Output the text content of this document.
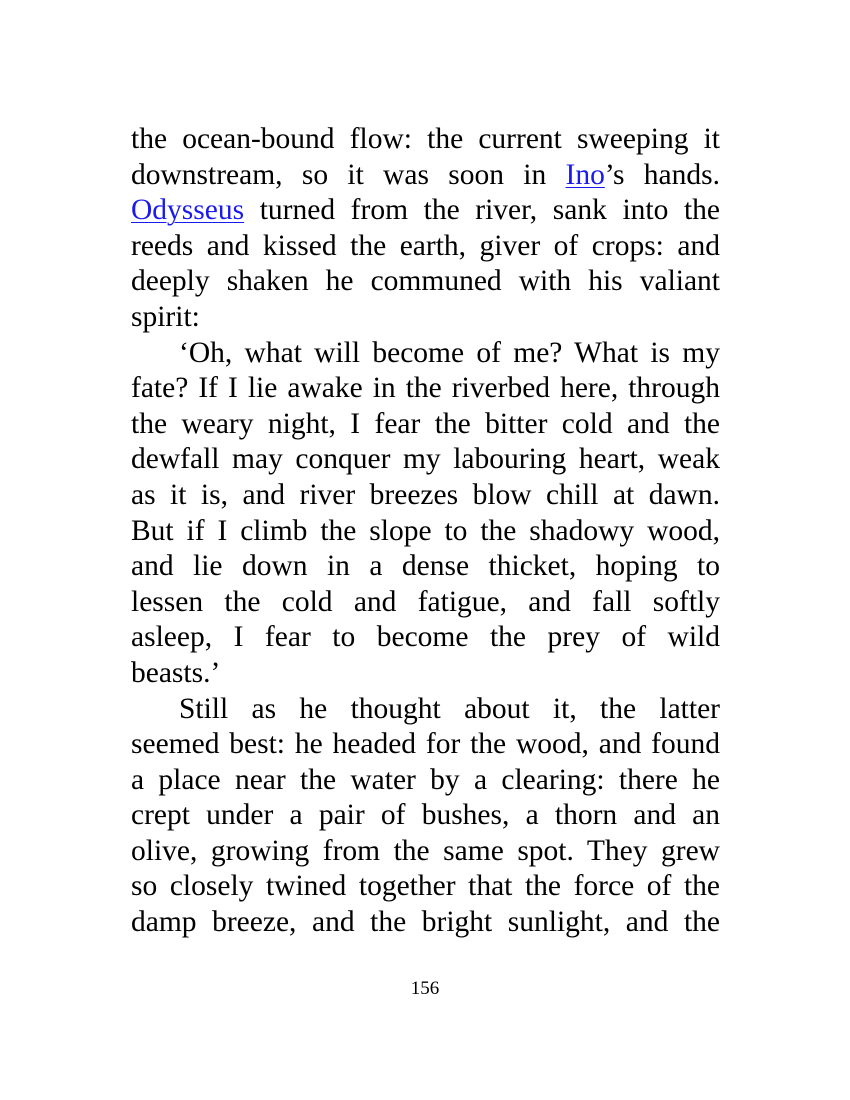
the ocean-bound flow: the current sweeping it
downstream, so it was soon in Ino’s hands.
Odysseus turned from the river, sank into the
reeds and kissed the earth, giver of crops: and
deeply shaken he communed with his valiant
spirit:
‘Oh, what will become of me? What is my
fate? If I lie awake in the riverbed here, through
the weary night, I fear the bitter cold and the
dewfall may conquer my labouring heart, weak
as it is, and river breezes blow chill at dawn.
But if I climb the slope to the shadowy wood,
and lie down in a dense thicket, hoping to
lessen the cold and fatigue, and fall softly
asleep, I fear to become the prey of wild
beasts.’
Still as he thought about it, the latter
seemed best: he headed for the wood, and found
a place near the water by a clearing: there he
crept under a pair of bushes, a thorn and an
olive, growing from the same spot. They grew
so closely twined together that the force of the
damp breeze, and the bright sunlight, and the
156
